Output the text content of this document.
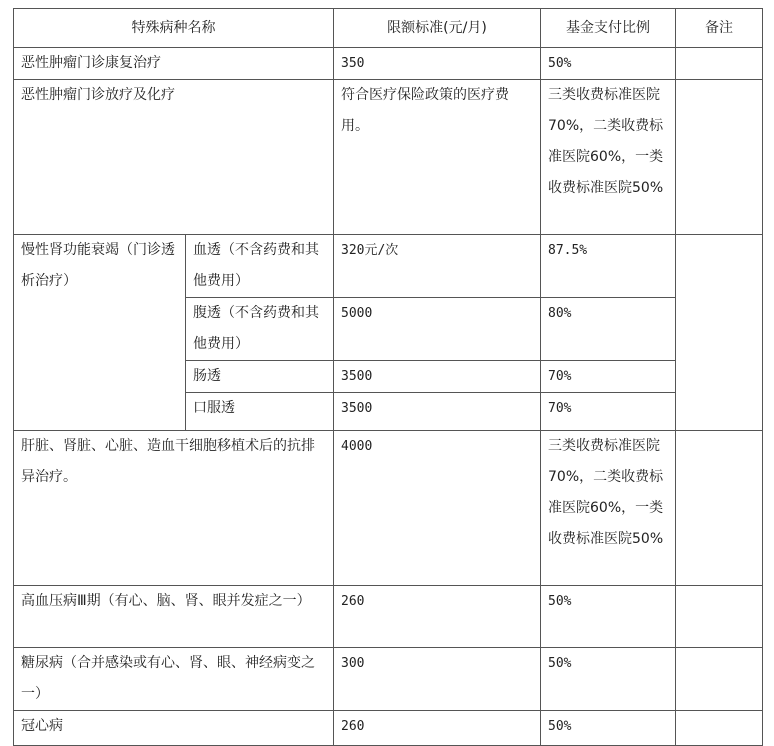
特殊病种名称		限额标准(元/月)	基金支付比例	备注
恶性肿瘤门诊康复治疗		350	50%	
恶性肿瘤门诊放疗及化疗		符合医疗保险政策的医疗费用。	三类收费标准医院70%，二类收费标准医院60%，一类收费标准医院50%	
慢性肾功能衰竭（门诊透析治疗）	血透（不含药费和其他费用）	320元/次	87.5%	
	腹透（不含药费和其他费用）	5000	80%	
	肠透	3500	70%	
	口服透	3500	70%	
肝脏、肾脏、心脏、造血干细胞移植术后的抗排异治疗。		4000	三类收费标准医院70%，二类收费标准医院60%，一类收费标准医院50%	
高血压病Ⅲ期（有心、脑、肾、眼并发症之一）		260	50%	
糖尿病（合并感染或有心、肾、眼、神经病变之一）		300	50%	
冠心病		260	50%	
